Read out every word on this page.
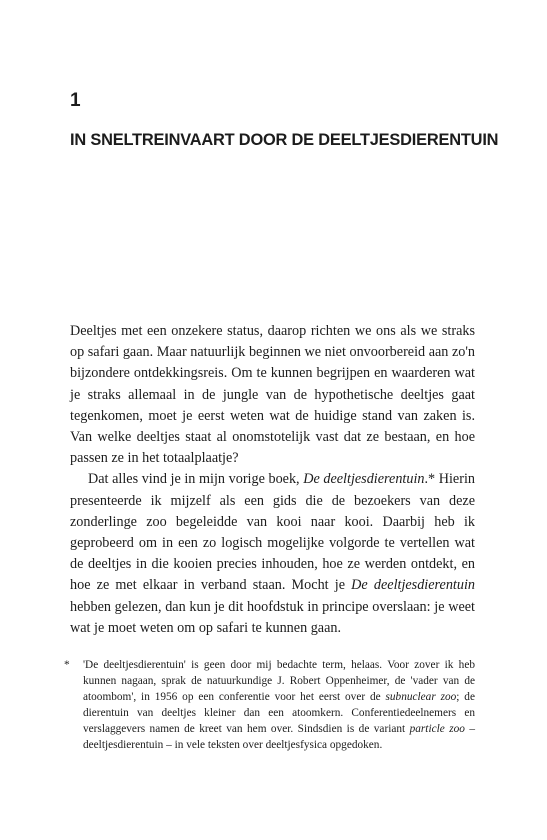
1
IN SNELTREINVAART DOOR DE DEELTJESDIERENTUIN

Deeltjes met een onzekere status, daarop richten we ons als we straks op safari gaan. Maar natuurlijk beginnen we niet onvoorbereid aan zo'n bijzondere ontdekkingsreis. Om te kunnen begrijpen en waarderen wat je straks allemaal in de jungle van de hypothetische deeltjes gaat tegenkomen, moet je eerst weten wat de huidige stand van zaken is. Van welke deeltjes staat al onomstotelijk vast dat ze bestaan, en hoe passen ze in het totaalplaatje?

Dat alles vind je in mijn vorige boek, De deeltjesdierentuin.* Hierin presenteerde ik mijzelf als een gids die de bezoekers van deze zonderlinge zoo begeleidde van kooi naar kooi. Daarbij heb ik geprobeerd om in een zo logisch mogelijke volgorde te vertellen wat de deeltjes in die kooien precies inhouden, hoe ze werden ontdekt, en hoe ze met elkaar in verband staan. Mocht je De deeltjesdierentuin hebben gelezen, dan kun je dit hoofdstuk in principe overslaan: je weet wat je moet weten om op safari te kunnen gaan.

* 'De deeltjesdierentuin' is geen door mij bedachte term, helaas. Voor zover ik heb kunnen nagaan, sprak de natuurkundige J. Robert Oppenheimer, de 'vader van de atoombom', in 1956 op een conferentie voor het eerst over de subnuclear zoo; de dierentuin van deeltjes kleiner dan een atoomkern. Conferentiedeelnemers en verslaggevers namen de kreet van hem over. Sindsdien is de variant particle zoo – deeltjesdierentuin – in vele teksten over deeltjesfysica opgedoken.
